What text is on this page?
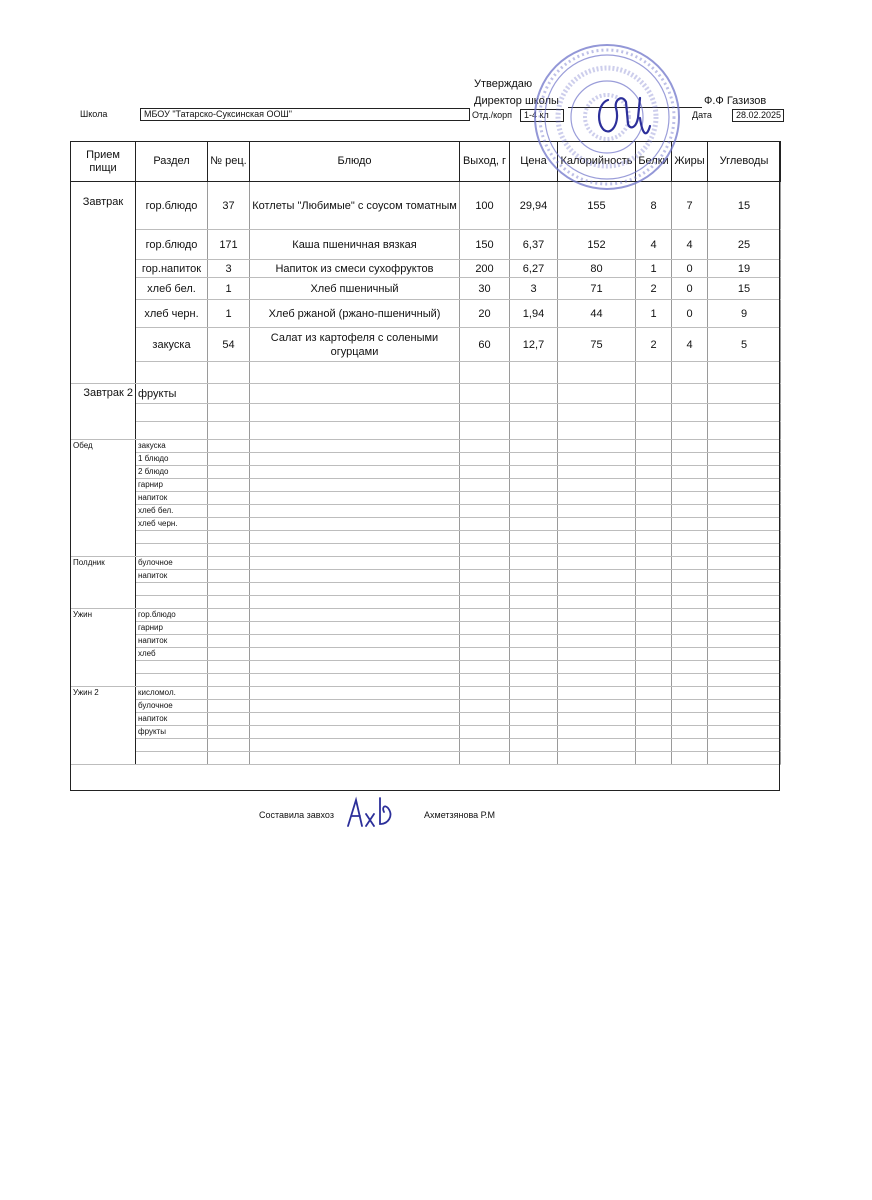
Утверждаю
Директор школы	Ф.Ф Газизов
Школа	МБОУ "Татарско-Суксинская ООШ"	Отд./корп	1-4 кл	Дата	28.02.2025
Прием пищи	Раздел	№ рец.	Блюдо	Выход, г	Цена	Калорийность	Белки	Жиры	Углеводы
Завтрак	гор.блюдо	37	Котлеты "Любимые" с соусом томатным	100	29,94	155	8	7	15
	гор.блюдо	171	Каша пшеничная вязкая	150	6,37	152	4	4	25
	гор.напиток	3	Напиток из смеси сухофруктов	200	6,27	80	1	0	19
	хлеб бел.	1	Хлеб пшеничный	30	3	71	2	0	15
	хлеб черн.	1	Хлеб ржаной (ржано-пшеничный)	20	1,94	44	1	0	9
	закуска	54	Салат из картофеля с солеными огурцами	60	12,7	75	2	4	5

Завтрак 2	фрукты								

Обед	закуска								
	1 блюдо								
	2 блюдо								
	гарнир								
	напиток								
	хлеб бел.								
	хлеб черн.								

Полдник	булочное								
	напиток								

Ужин	гор.блюдо								
	гарнир								
	напиток								
	хлеб								

Ужин 2	кисломол.								
	булочное								
	напиток								
	фрукты								

Составила завхоз	Ахметзянова Р.М
